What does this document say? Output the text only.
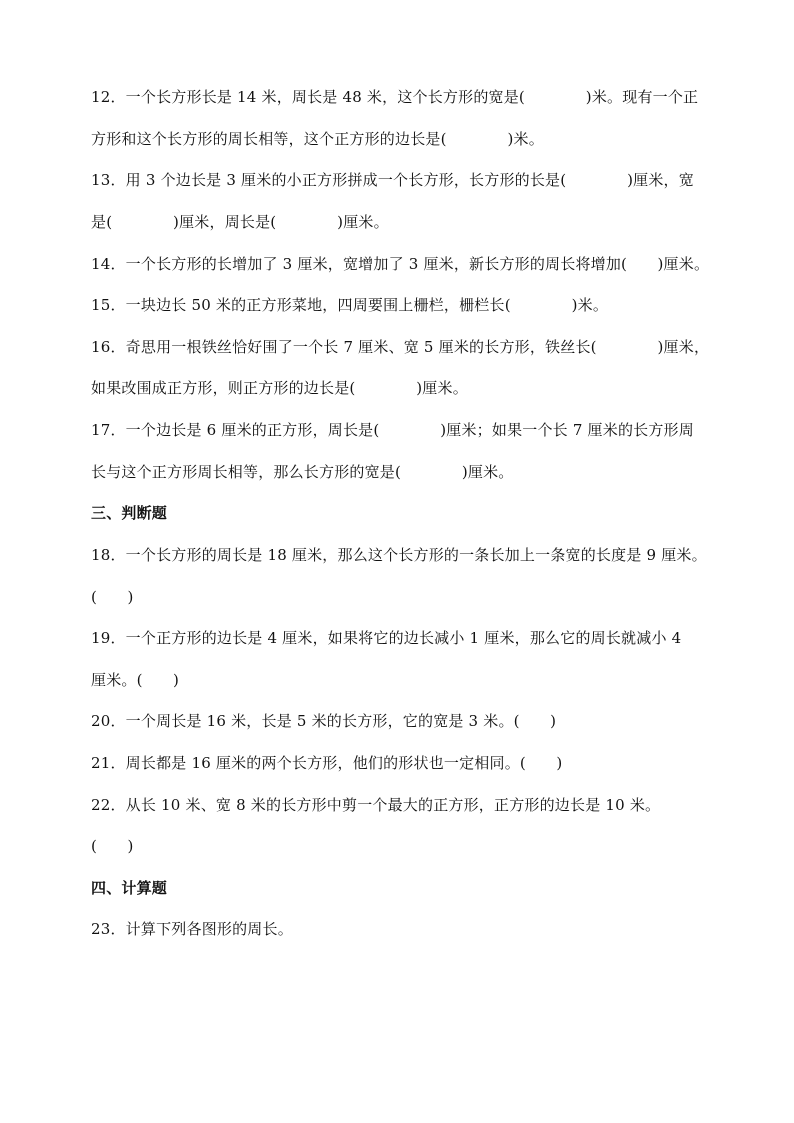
12．一个长方形长是 14 米，周长是 48 米，这个长方形的宽是(　　　　)米。现有一个正
方形和这个长方形的周长相等，这个正方形的边长是(　　　　)米。
13．用 3 个边长是 3 厘米的小正方形拼成一个长方形，长方形的长是(　　　　)厘米，宽
是(　　　　)厘米，周长是(　　　　)厘米。
14．一个长方形的长增加了 3 厘米，宽增加了 3 厘米，新长方形的周长将增加(　　)厘米。
15．一块边长 50 米的正方形菜地，四周要围上栅栏，栅栏长(　　　　)米。
16．奇思用一根铁丝恰好围了一个长 7 厘米、宽 5 厘米的长方形，铁丝长(　　　　)厘米，
如果改围成正方形，则正方形的边长是(　　　　)厘米。
17．一个边长是 6 厘米的正方形，周长是(　　　　)厘米；如果一个长 7 厘米的长方形周
长与这个正方形周长相等，那么长方形的宽是(　　　　)厘米。
三、判断题
18．一个长方形的周长是 18 厘米，那么这个长方形的一条长加上一条宽的长度是 9 厘米。
(　　)
19．一个正方形的边长是 4 厘米，如果将它的边长减小 1 厘米，那么它的周长就减小 4
厘米。(　　)
20．一个周长是 16 米，长是 5 米的长方形，它的宽是 3 米。(　　)
21．周长都是 16 厘米的两个长方形，他们的形状也一定相同。(　　)
22．从长 10 米、宽 8 米的长方形中剪一个最大的正方形，正方形的边长是 10 米。
(　　)
四、计算题
23．计算下列各图形的周长。
